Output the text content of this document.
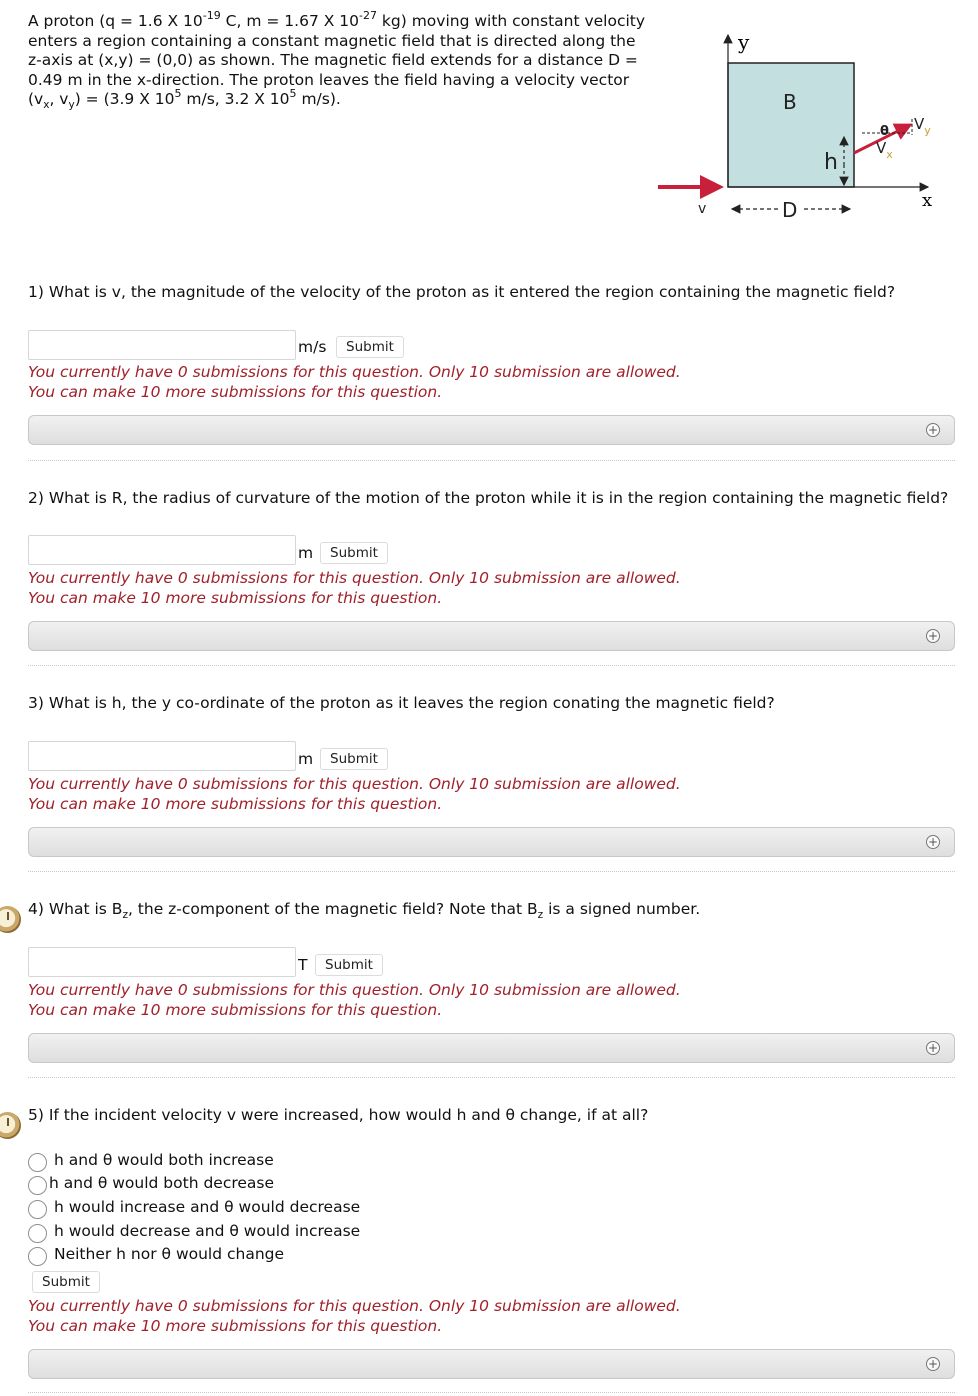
A proton (q = 1.6 X $10^{-19}$ C, m = 1.67 X $10^{-27}$ kg) moving with constant velocity enters a region containing a constant magnetic field that is directed along the z-axis at (x,y) = (0,0) as shown. The magnetic field extends for a distance D = 0.49 m in the x-direction. The proton leaves the field having a velocity vector ($v_x$, $v_y) = (3.9$ X $10^5$ m/s, 3.2 X $10^5$ m/s).

y
x
v
B
D
h
θ $V_y$
$V_x$

1) What is v, the magnitude of the velocity of the proton as it entered the region containing the magnetic field?

m/s	Submit

You currently have 0 submissions for this question. Only 10 submission are allowed.
You can make 10 more submissions for this question.

+

2) What is R, the radius of curvature of the motion of the proton while it is in the region containing the magnetic field?

m	Submit

You currently have 0 submissions for this question. Only 10 submission are allowed.
You can make 10 more submissions for this question.

+

3) What is h, the y co-ordinate of the proton as it leaves the region conating the magnetic field?

m	Submit

You currently have 0 submissions for this question. Only 10 submission are allowed.
You can make 10 more submissions for this question.

+

4) What is $B_z$, the z-component of the magnetic field? Note that $B_z$ is a signed number.

T	Submit

You currently have 0 submissions for this question. Only 10 submission are allowed.
You can make 10 more submissions for this question.

+

5) If the incident velocity v were increased, how would h and θ change, if at all?

h and θ would both increase
h and θ would both decrease
h would increase and θ would decrease
h would decrease and θ would increase
Neither h nor θ would change
Submit

You currently have 0 submissions for this question. Only 10 submission are allowed.
You can make 10 more submissions for this question.

+
